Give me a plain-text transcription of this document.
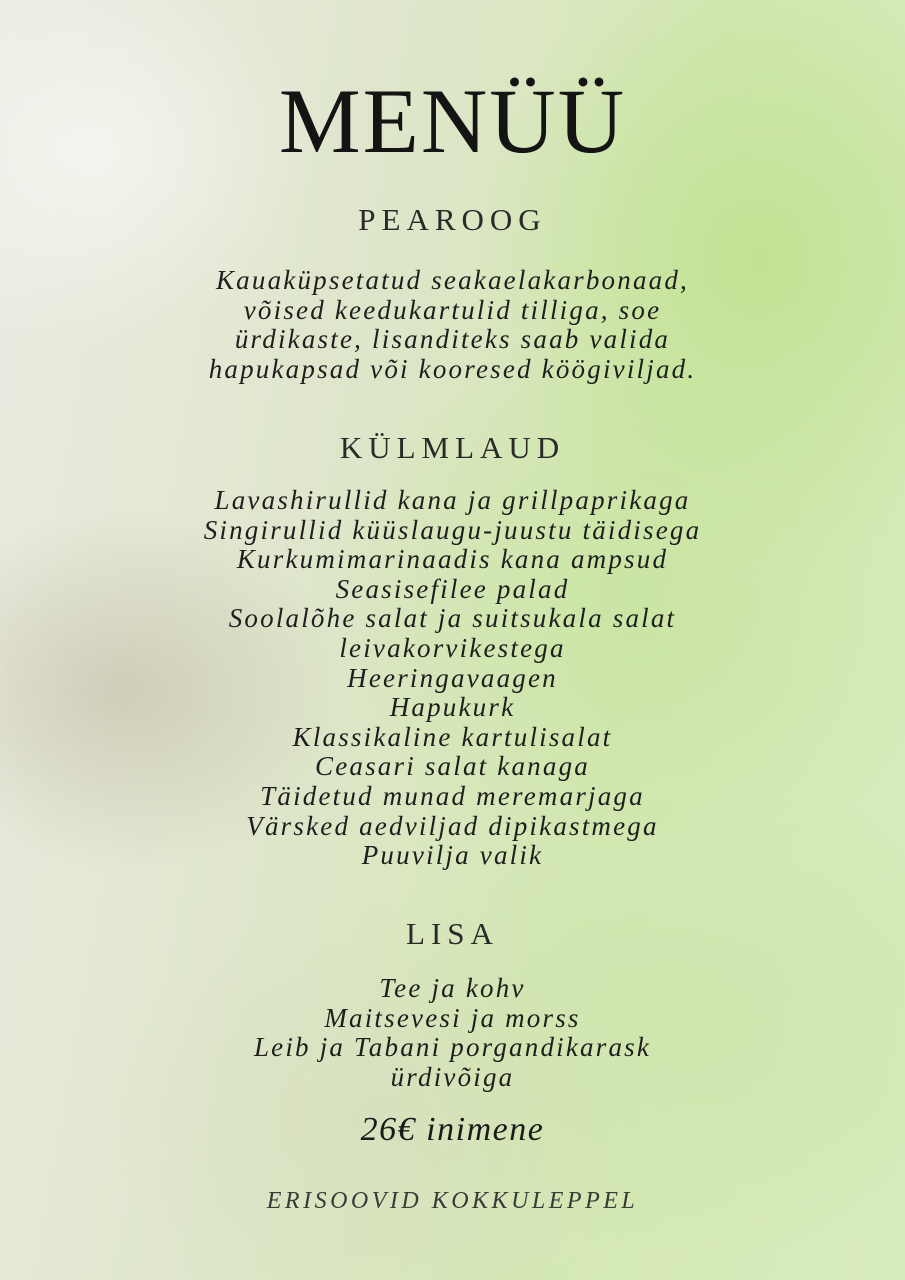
MENÜÜ
PEAROOG
Kauaküpsetatud seakaelakarbonaad,
võised keedukartulid tilliga, soe
ürdikaste, lisanditeks saab valida
hapukapsad või kooresed köögiviljad.
KÜLMLAUD
Lavashirullid kana ja grillpaprikaga
Singirullid küüslaugu-juustu täidisega
Kurkumimarinaadis kana ampsud
Seasisefilee palad
Soolalõhe salat ja suitsukala salat
leivakorvikestega
Heeringavaagen
Hapukurk
Klassikaline kartulisalat
Ceasari salat kanaga
Täidetud munad meremarjaga
Värsked aedviljad dipikastmega
Puuvilja valik
LISA
Tee ja kohv
Maitsevesi ja morss
Leib ja Tabani porgandikarask
ürdivõiga
26€ inimene
ERISOOVID KOKKULEPPEL
